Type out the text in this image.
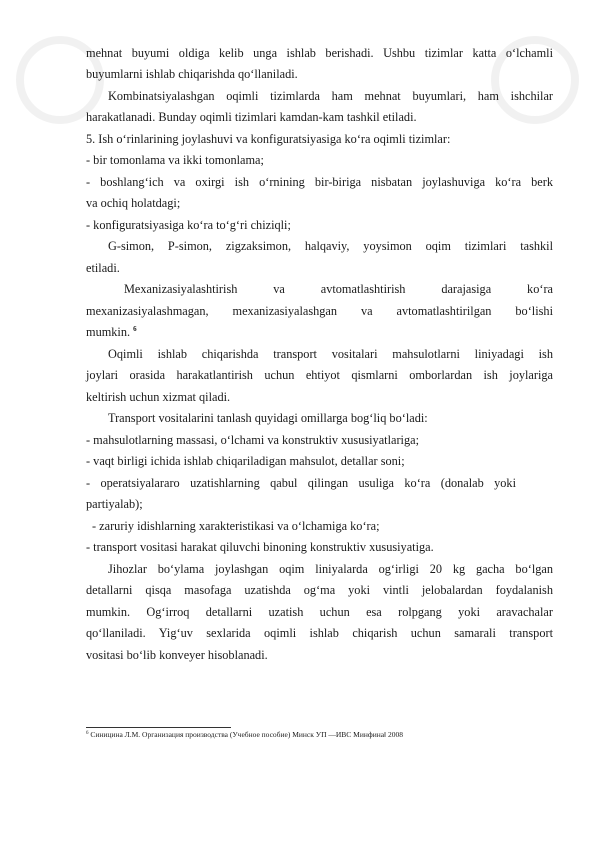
mehnat buyumi oldiga kelib unga ishlab berishadi. Ushbu tizimlar katta o‘lchamli
buyumlarni ishlab chiqarishda qo‘llaniladi.
Kombinatsiyalashgan oqimli tizimlarda ham mehnat buyumlari, ham ishchilar
harakatlanadi. Bunday oqimli tizimlari kamdan-kam tashkil etiladi.
5. Ish o‘rinlarining joylashuvi va konfiguratsiyasiga ko‘ra oqimli tizimlar:
- bir tomonlama va ikki tomonlama;
- boshlang‘ich va oxirgi ish o‘rnining bir-biriga nisbatan joylashuviga ko‘ra berk
va ochiq holatdagi;
- konfiguratsiyasiga ko‘ra to‘g‘ri chiziqli;
G-simon, P-simon, zigzaksimon, halqaviy, yoysimon oqim tizimlari tashkil
etiladi.
Mexanizasiyalashtirish va avtomatlashtirish darajasiga ko‘ra
mexanizasiyalashmagan, mexanizasiyalashgan va avtomatlashtirilgan bo‘lishi
mumkin. $^6$
Oqimli ishlab chiqarishda transport vositalari mahsulotlarni liniyadagi ish
joylari orasida harakatlantirish uchun ehtiyot qismlarni omborlardan ish joylariga
keltirish uchun xizmat qiladi.
Transport vositalarini tanlash quyidagi omillarga bog‘liq bo‘ladi:
- mahsulotlarning massasi, o‘lchami va konstruktiv xususiyatlariga;
- vaqt birligi ichida ishlab chiqariladigan mahsulot, detallar soni;
- operatsiyalararo uzatishlarning qabul qilingan usuliga ko‘ra (donalab yoki
partiyalab);
- zaruriy idishlarning xarakteristikasi va o‘lchamiga ko‘ra;
- transport vositasi harakat qiluvchi binoning konstruktiv xususiyatiga.
Jihozlar bo‘ylama joylashgan oqim liniyalarda og‘irligi 20 kg gacha bo‘lgan
detallarni qisqa masofaga uzatishda og‘ma yoki vintli jelobalardan foydalanish
mumkin. Og‘irroq detallarni uzatish uchun esa rolpgang yoki aravachalar
qo‘llaniladi. Yig‘uv sexlarida oqimli ishlab chiqarish uchun samarali transport
vositasi bo‘lib konveyer hisoblanadi.
$^6$ Синицина Л.М. Организация производства (Учебное пособие) Минск УП —ИВС Минфина‖ 2008
